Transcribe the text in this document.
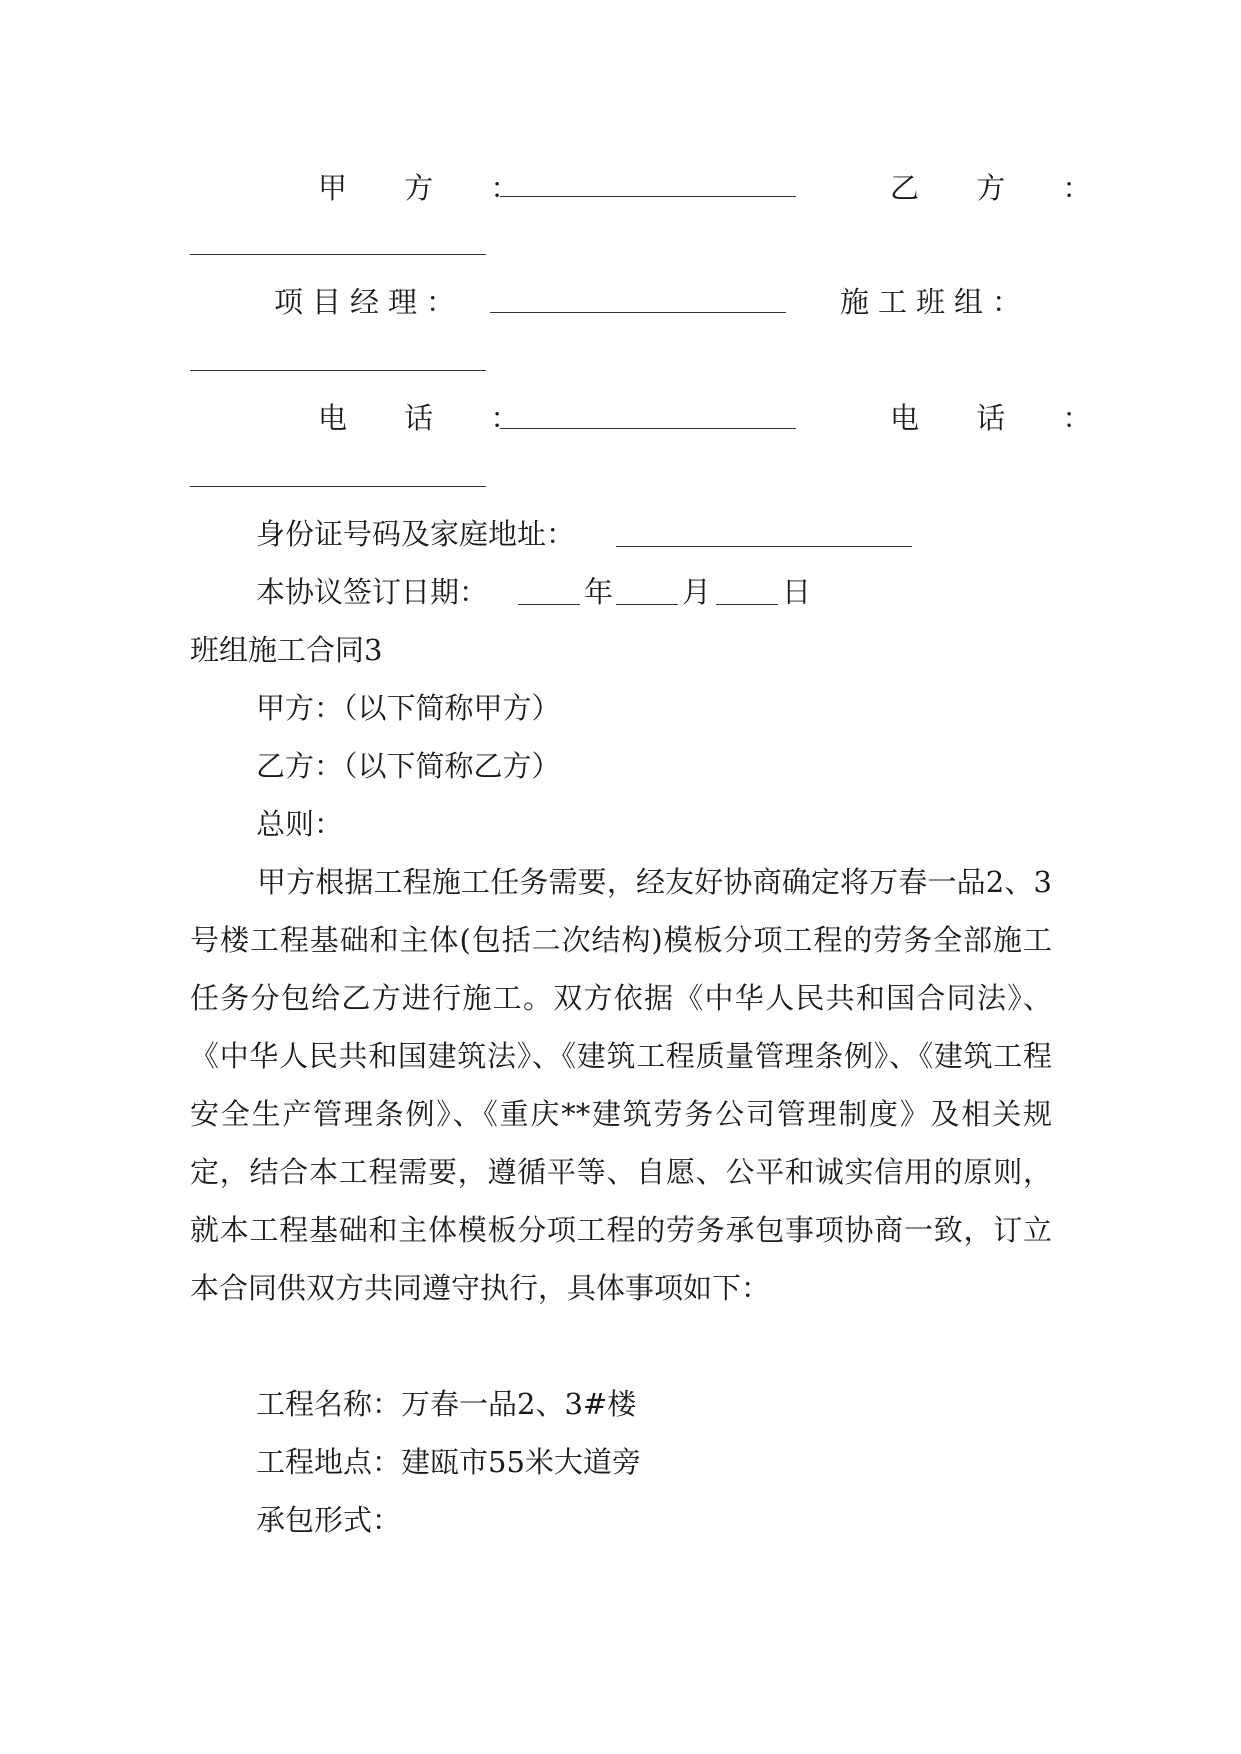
甲 方 ：	乙 方 ：
项目经理：	施工班组：
电 话 ：	电 话 ：
身份证号码及家庭地址：
本协议签订日期：	年 月 日
班组施工合同3
甲方：（以下简称甲方）
乙方：（以下简称乙方）
总则：
甲方根据工程施工任务需要，经友好协商确定将万春一品2、3号楼工程基础和主体(包括二次结构)模板分项工程的劳务全部施工任务分包给乙方进行施工。双方依据《中华人民共和国合同法》、《中华人民共和国建筑法》、《建筑工程质量管理条例》、《建筑工程安全生产管理条例》、《重庆**建筑劳务公司管理制度》及相关规定，结合本工程需要，遵循平等、自愿、公平和诚实信用的原则，就本工程基础和主体模板分项工程的劳务承包事项协商一致，订立本合同供双方共同遵守执行，具体事项如下：
工程名称：万春一品2、3#楼
工程地点：建瓯市55米大道旁
承包形式：
